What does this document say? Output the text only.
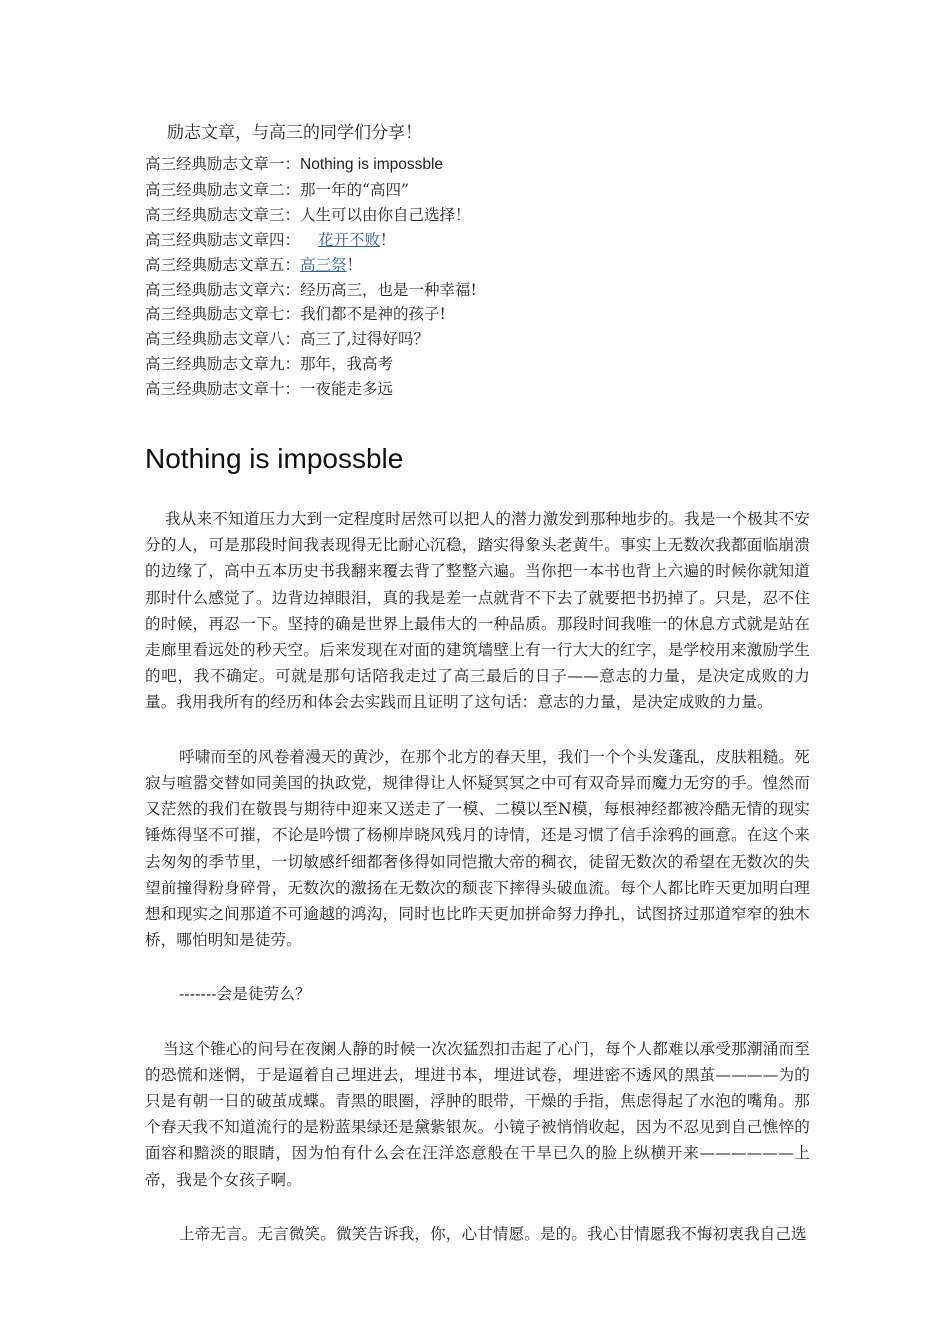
励志文章，与高三的同学们分享！
高三经典励志文章一：Nothing is impossble
高三经典励志文章二：那一年的“高四”
高三经典励志文章三：人生可以由你自己选择！
高三经典励志文章四： 花开不败！
高三经典励志文章五：高三祭！
高三经典励志文章六：经历高三，也是一种幸福!
高三经典励志文章七：我们都不是神的孩子!
高三经典励志文章八：高三了,过得好吗？
高三经典励志文章九：那年，我高考
高三经典励志文章十：一夜能走多远
Nothing is impossble

我从来不知道压力大到一定程度时居然可以把人的潜力激发到那种地步的。我是一个极其不安分的人，可是那段时间我表现得无比耐心沉稳，踏实得象头老黄牛。事实上无数次我都面临崩溃的边缘了，高中五本历史书我翻来覆去背了整整六遍。当你把一本书也背上六遍的时候你就知道那时什么感觉了。边背边掉眼泪，真的我是差一点就背不下去了就要把书扔掉了。只是，忍不住的时候，再忍一下。坚持的确是世界上最伟大的一种品质。那段时间我唯一的休息方式就是站在走廊里看远处的秒天空。后来发现在对面的建筑墙壁上有一行大大的红字，是学校用来激励学生的吧，我不确定。可就是那句话陪我走过了高三最后的日子——意志的力量，是决定成败的力量。我用我所有的经历和体会去实践而且证明了这句话：意志的力量，是决定成败的力量。

呼啸而至的风卷着漫天的黄沙，在那个北方的春天里，我们一个个头发蓬乱，皮肤粗糙。死寂与喧嚣交替如同美国的执政党，规律得让人怀疑冥冥之中可有双奇异而魔力无穷的手。惶然而又茫然的我们在敬畏与期待中迎来又送走了一模、二模以至N模，每根神经都被冷酷无情的现实锤炼得坚不可摧，不论是吟惯了杨柳岸晓风残月的诗情，还是习惯了信手涂鸦的画意。在这个来去匆匆的季节里，一切敏感纤细都奢侈得如同恺撒大帝的稠衣，徒留无数次的希望在无数次的失望前撞得粉身碎骨，无数次的激扬在无数次的颓丧下摔得头破血流。每个人都比昨天更加明白理想和现实之间那道不可逾越的鸿沟，同时也比昨天更加拼命努力挣扎，试图挤过那道窄窄的独木桥，哪怕明知是徒劳。

-------会是徒劳么？

当这个锥心的问号在夜阑人静的时候一次次猛烈扣击起了心门，每个人都难以承受那潮涌而至的恐慌和迷惘，于是逼着自己埋进去，埋进书本，埋进试卷，埋进密不透风的黑茧————为的只是有朝一日的破茧成蝶。青黑的眼圈，浮肿的眼带，干燥的手指，焦虑得起了水泡的嘴角。那个春天我不知道流行的是粉蓝果绿还是黛紫银灰。小镜子被悄悄收起，因为不忍见到自己憔悴的面容和黯淡的眼睛，因为怕有什么会在汪洋恣意般在干旱已久的脸上纵横开来——————上帝，我是个女孩子啊。

上帝无言。无言微笑。微笑告诉我，你，心甘情愿。是的。我心甘情愿我不悔初衷我自己选
